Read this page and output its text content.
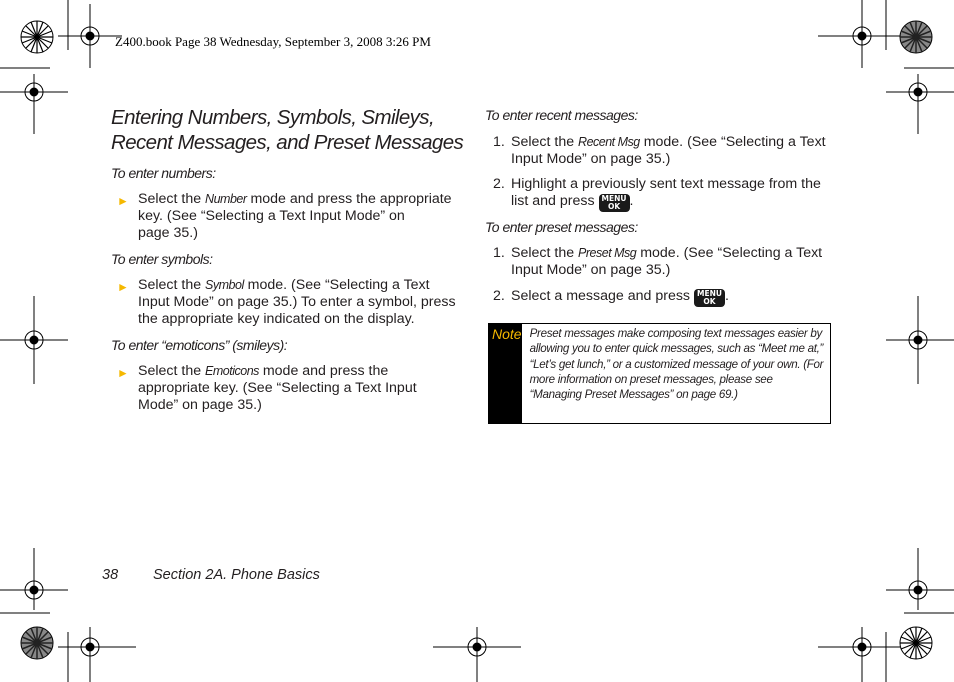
Z400.book Page 38 Wednesday, September 3, 2008 3:26 PM
Entering Numbers, Symbols, Smileys,
Recent Messages, and Preset Messages
To enter numbers:
► Select the Number mode and press the appropriate
key. (See “Selecting a Text Input Mode” on
page 35.)
To enter symbols:
► Select the Symbol mode. (See “Selecting a Text
Input Mode” on page 35.) To enter a symbol, press
the appropriate key indicated on the display.
To enter “emoticons” (smileys):
► Select the Emoticons mode and press the
appropriate key. (See “Selecting a Text Input
Mode” on page 35.)
To enter recent messages:
1. Select the Recent Msg mode. (See “Selecting a Text
Input Mode” on page 35.)
2. Highlight a previously sent text message from the
list and press MENU
OK .
To enter preset messages:
1. Select the Preset Msg mode. (See “Selecting a Text
Input Mode” on page 35.)
2. Select a message and press MENU
OK .
Note Preset messages make composing text messages easier by allowing you to enter quick messages, such as “Meet me at,” “Let’s get lunch,” or a customized message of your own. (For more information on preset messages, please see “Managing Preset Messages” on page 69.)
38 Section 2A. Phone Basics
